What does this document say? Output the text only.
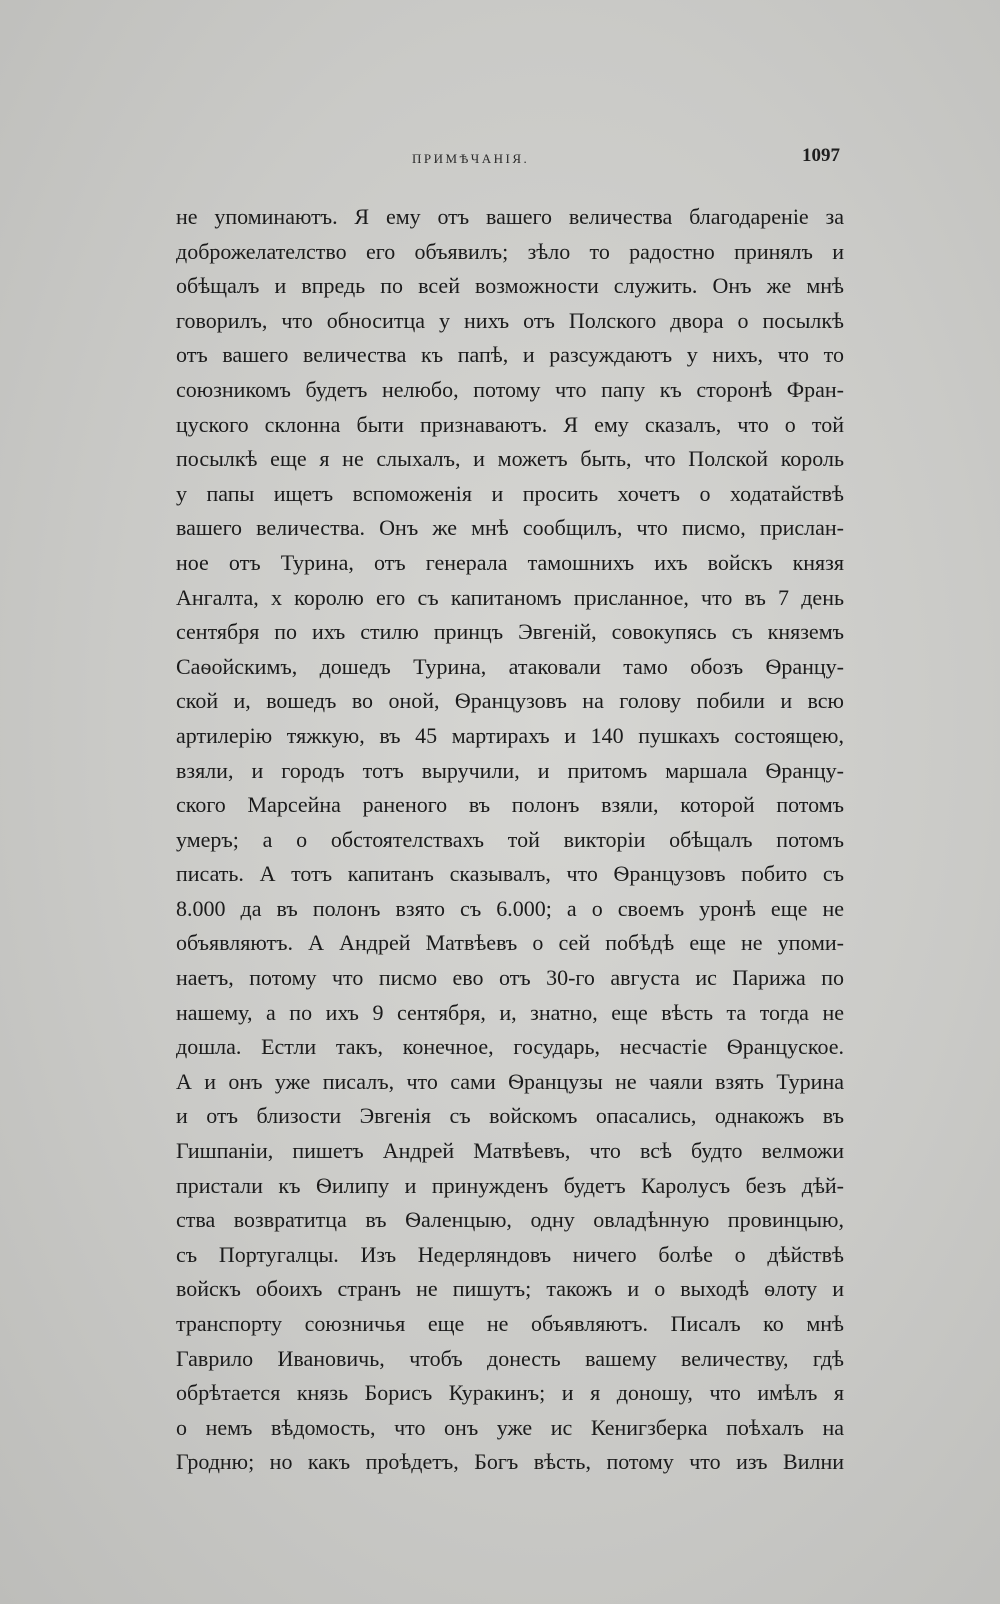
ПРИМѢЧАНІЯ.	1097
не упоминаютъ. Я ему отъ вашего величества благодареніе за
доброжелателство его объявилъ; зѣло то радостно принялъ и
обѣщалъ и впредь по всей возможности служить. Онъ же мнѣ
говорилъ, что обноситца у нихъ отъ Полского двора о посылкѣ
отъ вашего величества къ папѣ, и разсуждаютъ у нихъ, что то
союзникомъ будетъ нелюбо, потому что папу къ сторонѣ Фран-
цуского склонна быти признаваютъ. Я ему сказалъ, что о той
посылкѣ еще я не слыхалъ, и можетъ быть, что Полской король
у папы ищетъ вспоможенія и просить хочетъ о ходатайствѣ
вашего величества. Онъ же мнѣ сообщилъ, что писмо, прислан-
ное отъ Турина, отъ генерала тамошнихъ ихъ войскъ князя
Ангалта, х королю его съ капитаномъ присланное, что въ 7 день
сентября по ихъ стилю принцъ Эвгеній, совокупясь съ княземъ
Саѳойскимъ, дошедъ Турина, атаковали тамо обозъ Ѳранцу-
ской и, вошедъ во оной, Ѳранцузовъ на голову побили и всю
артилерію тяжкую, въ 45 мартирахъ и 140 пушкахъ состоящею,
взяли, и городъ тотъ выручили, и притомъ маршала Ѳранцу-
ского Марсейна раненого въ полонъ взяли, которой потомъ
умеръ; а о обстоятелствахъ той викторіи обѣщалъ потомъ
писать. А тотъ капитанъ сказывалъ, что Ѳранцузовъ побито съ
8.000 да въ полонъ взято съ 6.000; а о своемъ уронѣ еще не
объявляютъ. А Андрей Матвѣевъ о сей побѣдѣ еще не упоми-
наетъ, потому что писмо ево отъ 30-го августа ис Парижа по
нашему, а по ихъ 9 сентября, и, знатно, еще вѣсть та тогда не
дошла. Естли такъ, конечное, государь, несчастіе Ѳранцуское.
А и онъ уже писалъ, что сами Ѳранцузы не чаяли взять Турина
и отъ близости Эвгенія съ войскомъ опасались, однакожъ въ
Гишпаніи, пишетъ Андрей Матвѣевъ, что всѣ будто велможи
пристали къ Ѳилипу и принужденъ будетъ Каролусъ безъ дѣй-
ства возвратитца въ Ѳаленцыю, одну овладѣнную провинцыю,
съ Португалцы. Изъ Недерляндовъ ничего болѣе о дѣйствѣ
войскъ обоихъ странъ не пишутъ; такожъ и о выходѣ ѳлоту и
транспорту союзничья еще не объявляютъ. Писалъ ко мнѣ
Гаврило Ивановичь, чтобъ донесть вашему величеству, гдѣ
обрѣтается князь Борисъ Куракинъ; и я доношу, что имѣлъ я
о немъ вѣдомость, что онъ уже ис Кенигзберка поѣхалъ на
Гродню; но какъ проѣдетъ, Богъ вѣсть, потому что изъ Вилни
